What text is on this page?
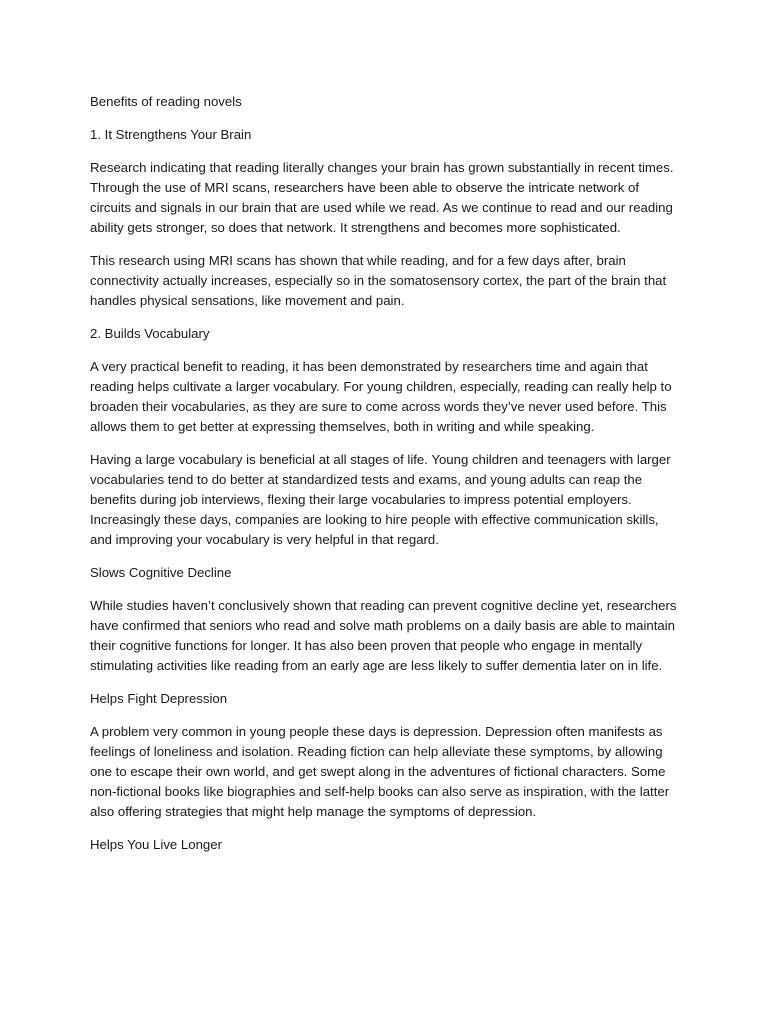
Benefits of reading novels

1. It Strengthens Your Brain

Research indicating that reading literally changes your brain has grown substantially in recent times. Through the use of MRI scans, researchers have been able to observe the intricate network of circuits and signals in our brain that are used while we read. As we continue to read and our reading ability gets stronger, so does that network. It strengthens and becomes more sophisticated.

This research using MRI scans has shown that while reading, and for a few days after, brain connectivity actually increases, especially so in the somatosensory cortex, the part of the brain that handles physical sensations, like movement and pain.

2. Builds Vocabulary

A very practical benefit to reading, it has been demonstrated by researchers time and again that reading helps cultivate a larger vocabulary. For young children, especially, reading can really help to broaden their vocabularies, as they are sure to come across words they’ve never used before. This allows them to get better at expressing themselves, both in writing and while speaking.

Having a large vocabulary is beneficial at all stages of life. Young children and teenagers with larger vocabularies tend to do better at standardized tests and exams, and young adults can reap the benefits during job interviews, flexing their large vocabularies to impress potential employers. Increasingly these days, companies are looking to hire people with effective communication skills, and improving your vocabulary is very helpful in that regard.

Slows Cognitive Decline

While studies haven’t conclusively shown that reading can prevent cognitive decline yet, researchers have confirmed that seniors who read and solve math problems on a daily basis are able to maintain their cognitive functions for longer. It has also been proven that people who engage in mentally stimulating activities like reading from an early age are less likely to suffer dementia later on in life.

Helps Fight Depression

A problem very common in young people these days is depression. Depression often manifests as feelings of loneliness and isolation. Reading fiction can help alleviate these symptoms, by allowing one to escape their own world, and get swept along in the adventures of fictional characters. Some non-fictional books like biographies and self-help books can also serve as inspiration, with the latter also offering strategies that might help manage the symptoms of depression.

Helps You Live Longer
